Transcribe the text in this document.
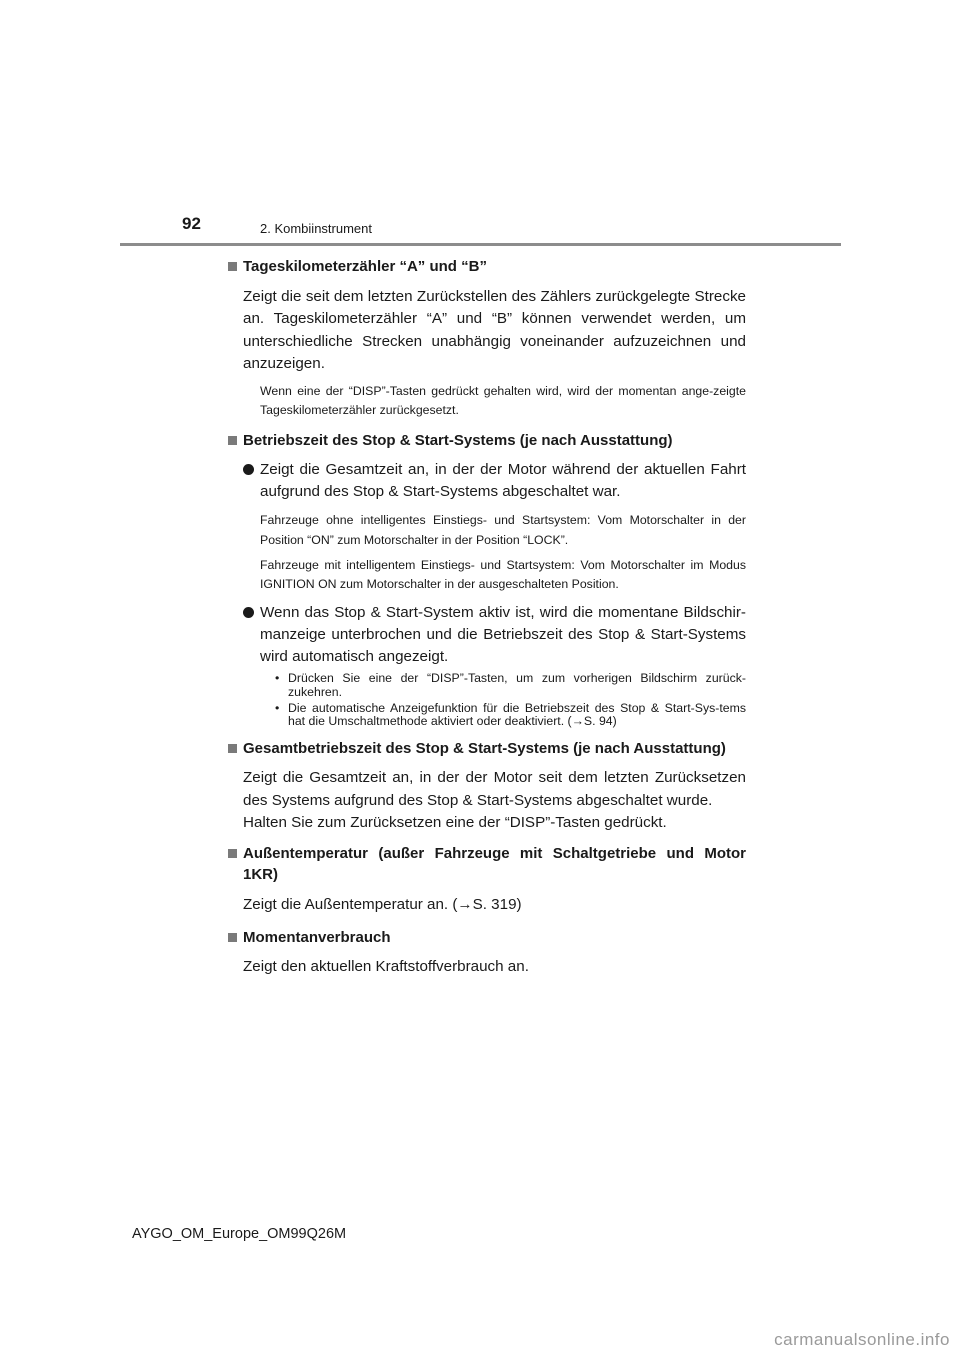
92	2. Kombiinstrument
Tageskilometerzähler “A” und “B”
Zeigt die seit dem letzten Zurückstellen des Zählers zurückgelegte Strecke an. Tageskilometerzähler “A” und “B” können verwendet werden, um unterschiedliche Strecken unabhängig voneinander aufzuzeichnen und anzuzeigen.
Wenn eine der “DISP”-Tasten gedrückt gehalten wird, wird der momentan ange-zeigte Tageskilometerzähler zurückgesetzt.
Betriebszeit des Stop & Start-Systems (je nach Ausstattung)
Zeigt die Gesamtzeit an, in der der Motor während der aktuellen Fahrt aufgrund des Stop & Start-Systems abgeschaltet war.
Fahrzeuge ohne intelligentes Einstiegs- und Startsystem: Vom Motorschalter in der Position “ON” zum Motorschalter in der Position “LOCK”.
Fahrzeuge mit intelligentem Einstiegs- und Startsystem: Vom Motorschalter im Modus IGNITION ON zum Motorschalter in der ausgeschalteten Position.
Wenn das Stop & Start-System aktiv ist, wird die momentane Bildschir-manzeige unterbrochen und die Betriebszeit des Stop & Start-Systems wird automatisch angezeigt.
• Drücken Sie eine der “DISP”-Tasten, um zum vorherigen Bildschirm zurück-zukehren.
• Die automatische Anzeigefunktion für die Betriebszeit des Stop & Start-Sys-tems hat die Umschaltmethode aktiviert oder deaktiviert. (→S. 94)
Gesamtbetriebszeit des Stop & Start-Systems (je nach Ausstattung)
Zeigt die Gesamtzeit an, in der der Motor seit dem letzten Zurücksetzen des Systems aufgrund des Stop & Start-Systems abgeschaltet wurde.
Halten Sie zum Zurücksetzen eine der “DISP”-Tasten gedrückt.
Außentemperatur (außer Fahrzeuge mit Schaltgetriebe und Motor 1KR)
Zeigt die Außentemperatur an. (→S. 319)
Momentanverbrauch
Zeigt den aktuellen Kraftstoffverbrauch an.
AYGO_OM_Europe_OM99Q26M
carmanualsonline.info
